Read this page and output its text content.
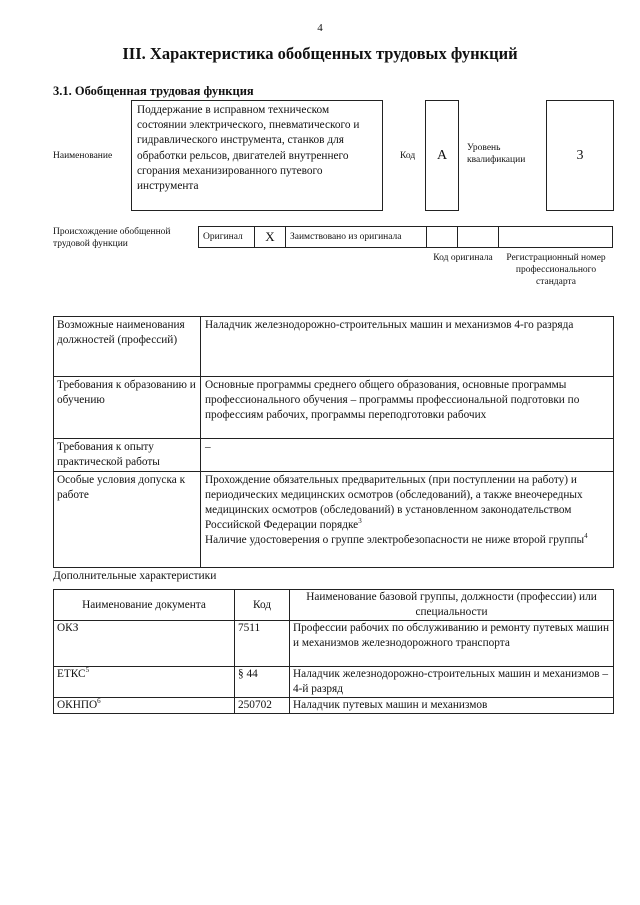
4
III. Характеристика обобщенных трудовых функций
3.1. Обобщенная трудовая функция
Наименование
Поддержание в исправном техническом состоянии электрического, пневматического и гидравлического инструмента, станков для обработки рельсов, двигателей внутреннего сгорания механизированного путевого инструмента
Код	А	Уровень квалификации	3
Происхождение обобщенной трудовой функции
Оригинал	Х	Заимствовано из оригинала
Код оригинала	Регистрационный номер профессионального стандарта
Возможные наименования должностей (профессий)	Наладчик железнодорожно-строительных машин и механизмов 4-го разряда
Требования к образованию и обучению	Основные программы среднего общего образования, основные программы профессионального обучения – программы профессиональной подготовки по профессиям рабочих, программы переподготовки рабочих
Требования к опыту практической работы	–
Особые условия допуска к работе	Прохождение обязательных предварительных (при поступлении на работу) и периодических медицинских осмотров (обследований), а также внеочередных медицинских осмотров (обследований) в установленном законодательством Российской Федерации порядке$^3$
Наличие удостоверения о группе электробезопасности не ниже второй группы$^4$
Дополнительные характеристики
Наименование документа	Код	Наименование базовой группы, должности (профессии) или специальности
ОКЗ	7511	Профессии рабочих по обслуживанию и ремонту путевых машин и механизмов железнодорожного транспорта
ЕТКС$^5$	§ 44	Наладчик железнодорожно-строительных машин и механизмов – 4-й разряд
ОКНПО$^6$	250702	Наладчик путевых машин и механизмов
